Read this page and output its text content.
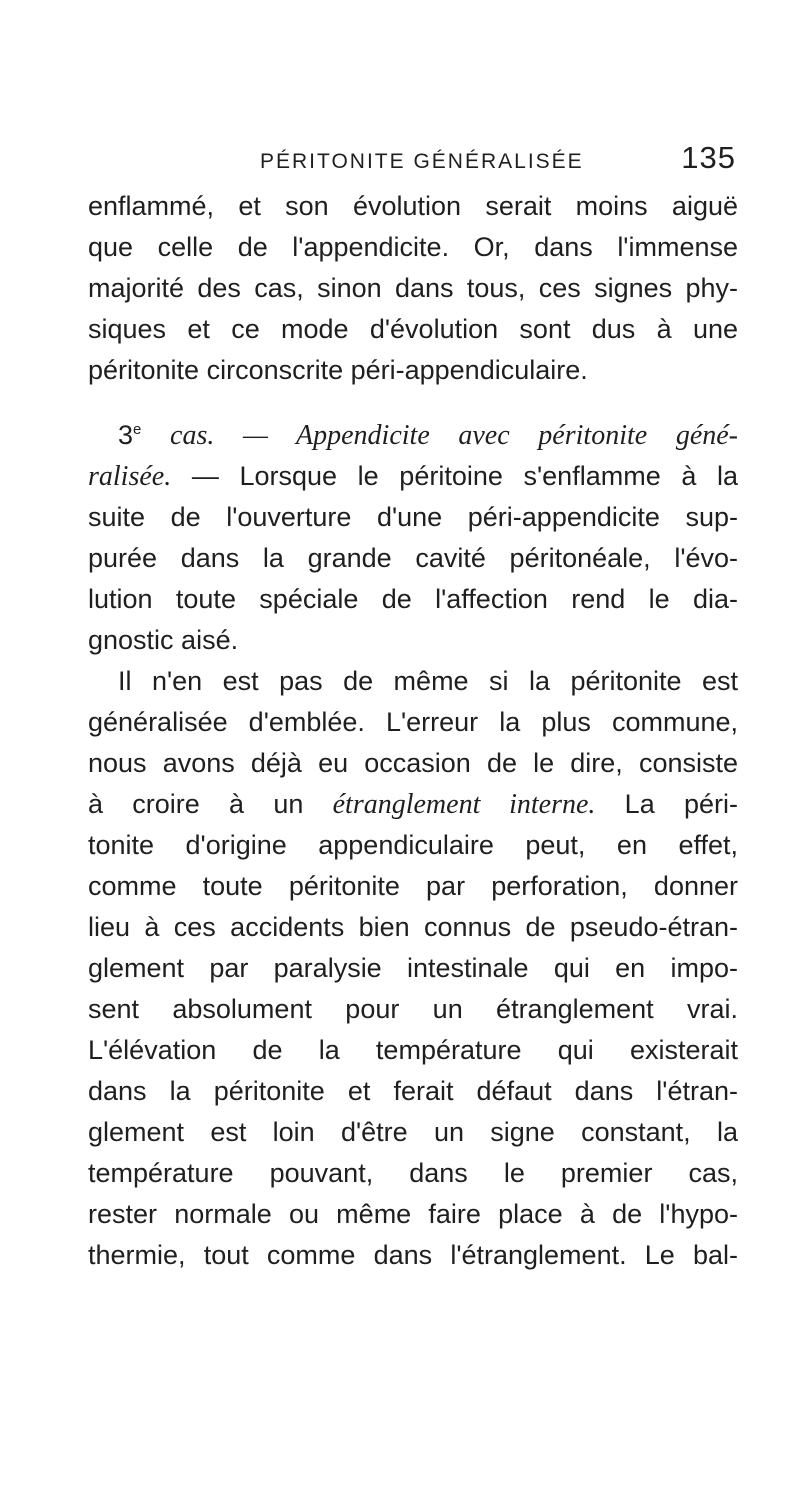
PÉRITONITE GÉNÉRALISÉE	135
enflammé, et son évolution serait moins aiguë
que celle de l'appendicite. Or, dans l'immense
majorité des cas, sinon dans tous, ces signes phy-
siques et ce mode d'évolution sont dus à une
péritonite circonscrite péri-appendiculaire.
3e cas. — Appendicite avec péritonite géné-
ralisée. — Lorsque le péritoine s'enflamme à la
suite de l'ouverture d'une péri-appendicite sup-
purée dans la grande cavité péritonéale, l'évo-
lution toute spéciale de l'affection rend le dia-
gnostic aisé.
Il n'en est pas de même si la péritonite est
généralisée d'emblée. L'erreur la plus commune,
nous avons déjà eu occasion de le dire, consiste
à croire à un étranglement interne. La péri-
tonite d'origine appendiculaire peut, en effet,
comme toute péritonite par perforation, donner
lieu à ces accidents bien connus de pseudo-étran-
glement par paralysie intestinale qui en impo-
sent absolument pour un étranglement vrai.
L'élévation de la température qui existerait
dans la péritonite et ferait défaut dans l'étran-
glement est loin d'être un signe constant, la
température pouvant, dans le premier cas,
rester normale ou même faire place à de l'hypo-
thermie, tout comme dans l'étranglement. Le bal-
